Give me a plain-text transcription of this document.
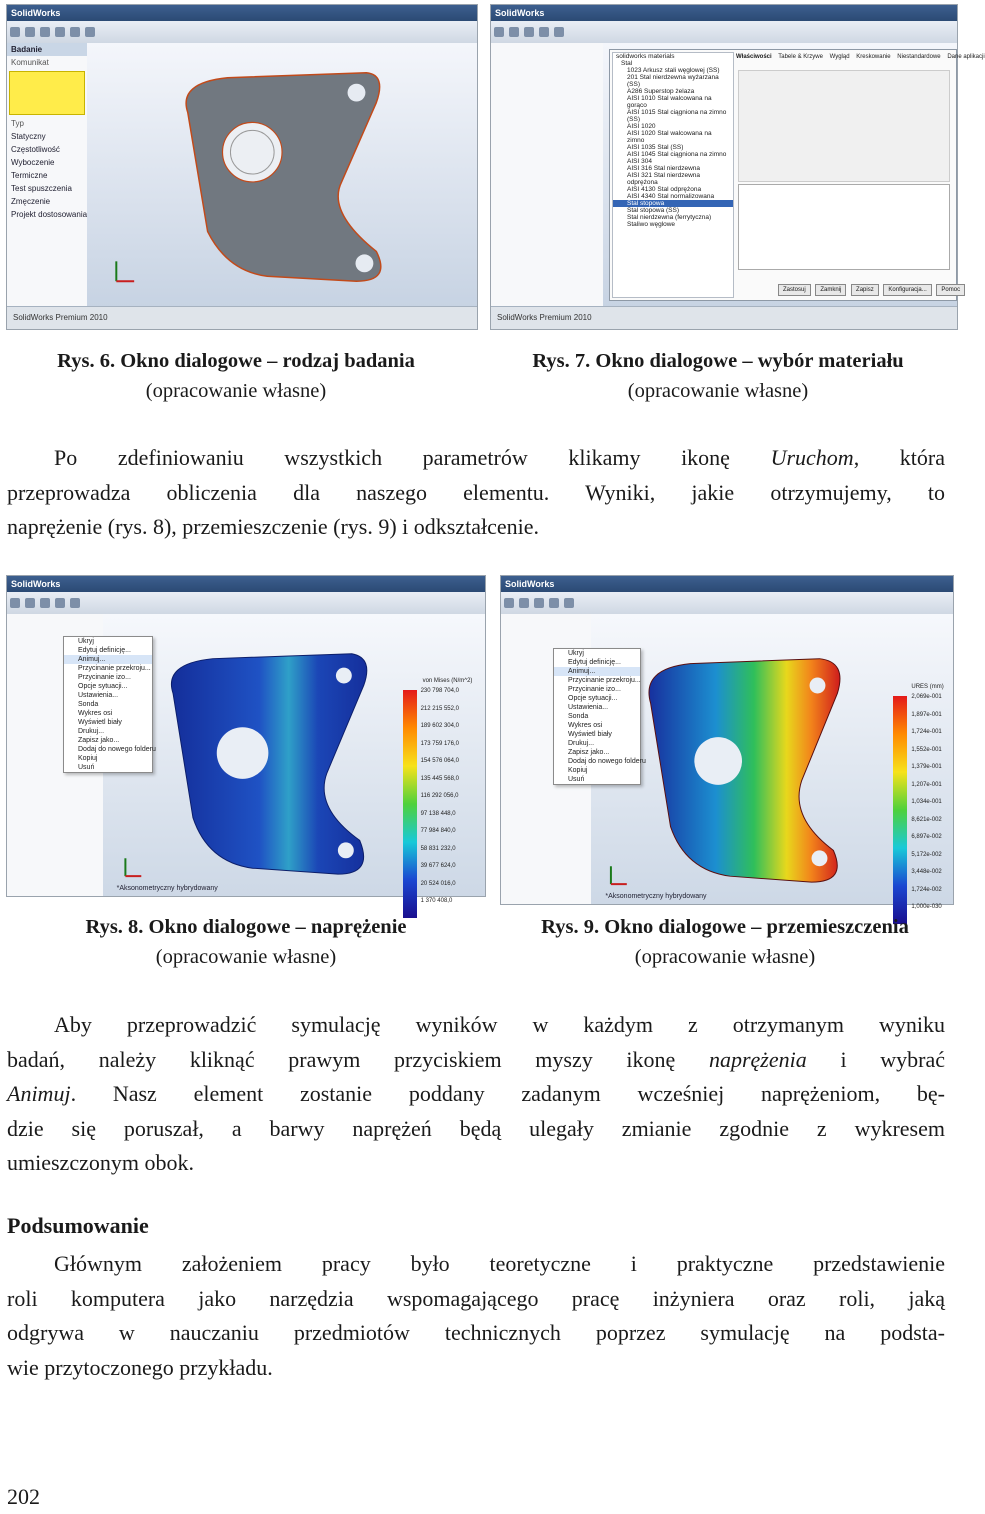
SolidWorks
Badanie
Komunikat
Typ
Statyczny
Częstotliwość
Wyboczenie
Termiczne
Test spuszczenia
Zmęczenie
Projekt dostosowania
SolidWorks Premium 2010
SolidWorks
solidworks materials
Stal
1023 Arkusz stali węglowej (SS)
201 Stal nierdzewna wyżarzana (SS)
A286 Superstop żelaza
AISI 1010 Stal walcowana na gorąco
AISI 1015 Stal ciągniona na zimno (SS)
AISI 1020
AISI 1020 Stal walcowana na zimno
AISI 1035 Stal (SS)
AISI 1045 Stal ciągniona na zimno
AISI 304
AISI 316 Stal nierdzewna
AISI 321 Stal nierdzewna odprężona
AISI 4130 Stal odprężona
AISI 4340 Stal normalizowana
Stal stopowa
Stal stopowa (SS)
Stal nierdzewna (ferrytyczna)
Staliwo węglowe
Właściwości Tabele & Krzywe Wygląd Kreskowanie Niestandardowe Dane aplikacji
Zastosuj Zamknij Zapisz Konfiguracja... Pomoc
SolidWorks Premium 2010
Rys. 6. Okno dialogowe – rodzaj badania
(opracowanie własne)
Rys. 7. Okno dialogowe – wybór materiału
(opracowanie własne)
Po zdefiniowaniu wszystkich parametrów klikamy ikonę Uruchom, która
przeprowadza obliczenia dla naszego elementu. Wyniki, jakie otrzymujemy, to
naprężenie (rys. 8), przemieszczenie (rys. 9) i odkształcenie.
SolidWorks
von Mises (N/m^2)
230 798 704,0
212 215 552,0
189 602 304,0
173 759 176,0
154 576 064,0
135 445 568,0
116 292 056,0
97 138 448,0
77 984 840,0
58 831 232,0
39 677 624,0
20 524 016,0
1 370 408,0
*Aksonometryczny hybrydowany
Ukryj
Edytuj definicję...
Animuj...
Przycinanie przekroju...
Przycinanie izo...
Opcje sytuacji...
Ustawienia...
Sonda
Wykres osi
Wyświetl biały
Drukuj...
Zapisz jako...
Dodaj do nowego folderu
Kopiuj
Usuń
SolidWorks
URES (mm)
2,069e-001
1,897e-001
1,724e-001
1,552e-001
1,379e-001
1,207e-001
1,034e-001
8,621e-002
6,897e-002
5,172e-002
3,448e-002
1,724e-002
1,000e-030
*Aksonometryczny hybrydowany
Ukryj
Edytuj definicję...
Animuj...
Przycinanie przekroju...
Przycinanie izo...
Opcje sytuacji...
Ustawienia...
Sonda
Wykres osi
Wyświetl biały
Drukuj...
Zapisz jako...
Dodaj do nowego folderu
Kopiuj
Usuń
Rys. 8. Okno dialogowe – naprężenie
(opracowanie własne)
Rys. 9. Okno dialogowe – przemieszczenia
(opracowanie własne)
Aby przeprowadzić symulację wyników w każdym z otrzymanym wyniku
badań, należy kliknąć prawym przyciskiem myszy ikonę naprężenia i wybrać
Animuj. Nasz element zostanie poddany zadanym wcześniej naprężeniom, bę-
dzie się poruszał, a barwy naprężeń będą ulegały zmianie zgodnie z wykresem
umieszczonym obok.
Podsumowanie
Głównym założeniem pracy było teoretyczne i praktyczne przedstawienie
roli komputera jako narzędzia wspomagającego pracę inżyniera oraz roli, jaką
odgrywa w nauczaniu przedmiotów technicznych poprzez symulację na podsta-
wie przytoczonego przykładu.
202
